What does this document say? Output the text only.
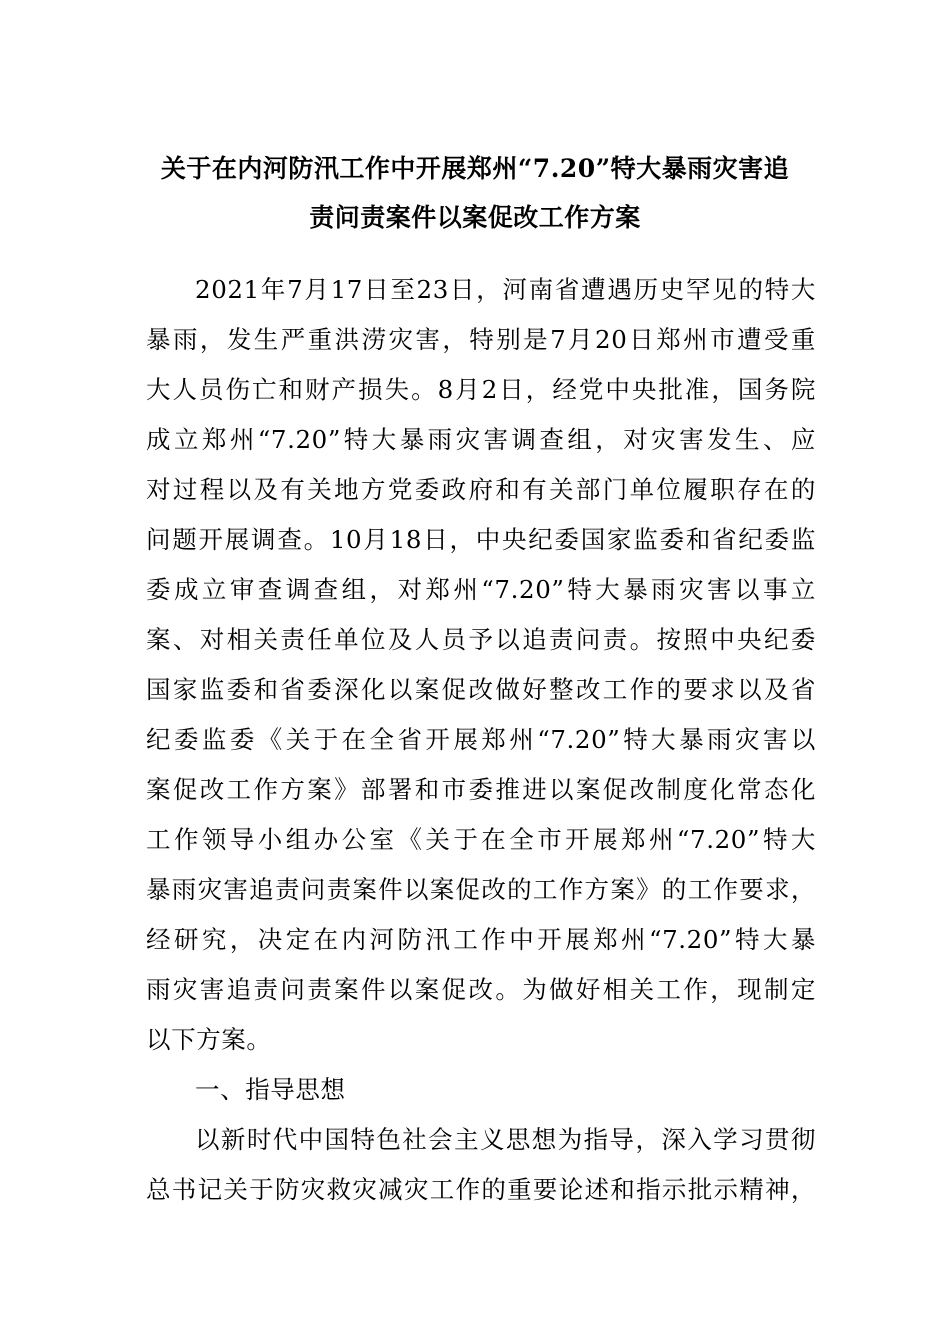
关于在内河防汛工作中开展郑州“7.20”特大暴雨灾害追
责问责案件以案促改工作方案
2021年7月17日至23日，河南省遭遇历史罕见的特大
暴雨，发生严重洪涝灾害，特别是7月20日郑州市遭受重
大人员伤亡和财产损失。8月2日，经党中央批准，国务院
成立郑州“7.20”特大暴雨灾害调查组，对灾害发生、应
对过程以及有关地方党委政府和有关部门单位履职存在的
问题开展调查。10月18日，中央纪委国家监委和省纪委监
委成立审查调查组，对郑州“7.20”特大暴雨灾害以事立
案、对相关责任单位及人员予以追责问责。按照中央纪委
国家监委和省委深化以案促改做好整改工作的要求以及省
纪委监委《关于在全省开展郑州“7.20”特大暴雨灾害以
案促改工作方案》部署和市委推进以案促改制度化常态化
工作领导小组办公室《关于在全市开展郑州“7.20”特大
暴雨灾害追责问责案件以案促改的工作方案》的工作要求，
经研究，决定在内河防汛工作中开展郑州“7.20”特大暴
雨灾害追责问责案件以案促改。为做好相关工作，现制定
以下方案。
一、指导思想
以新时代中国特色社会主义思想为指导，深入学习贯彻
总书记关于防灾救灾减灾工作的重要论述和指示批示精神，
